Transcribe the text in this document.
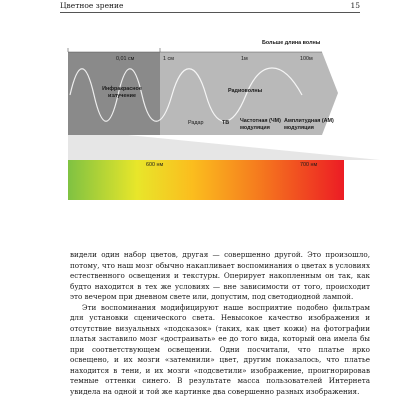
Цветное зрение	15
Больше длина волны
0,01 см	1 см	1м	100м
Инфракрасное излучение
Радиоволны
Радар	ТВ Частотная (ЧМ) модуляция
Амплитудная (АМ) модуляция
600 нм	700 нм

видели один набор цветов, другая — совершенно другой. Это произошло, потому, что наш мозг обычно накапливает воспоминания о цветах в условиях естественного освещения и текстуры. Оперирует накопленным он так, как будто находится в тех же условиях — вне зависимости от того, происходит это вечером при дневном свете или, допустим, под светодиодной лампой.

Эти воспоминания модифицируют наше восприятие подобно фильтрам для установки сценического света. Невысокое качество изображения и отсутствие визуальных «подсказок» (таких, как цвет кожи) на фотографии платья заставило мозг «достраивать» ее до того вида, который она имела бы при соответствующем освещении. Одни посчитали, что платье ярко освещено, и их мозги «затемнили» цвет, другим показалось, что платье находится в тени, и их мозги «подсветили» изображение, проигнорировав темные оттенки синего. В результате масса пользователей Интернета увидела на одной и той же картинке два совершенно разных изображения.
